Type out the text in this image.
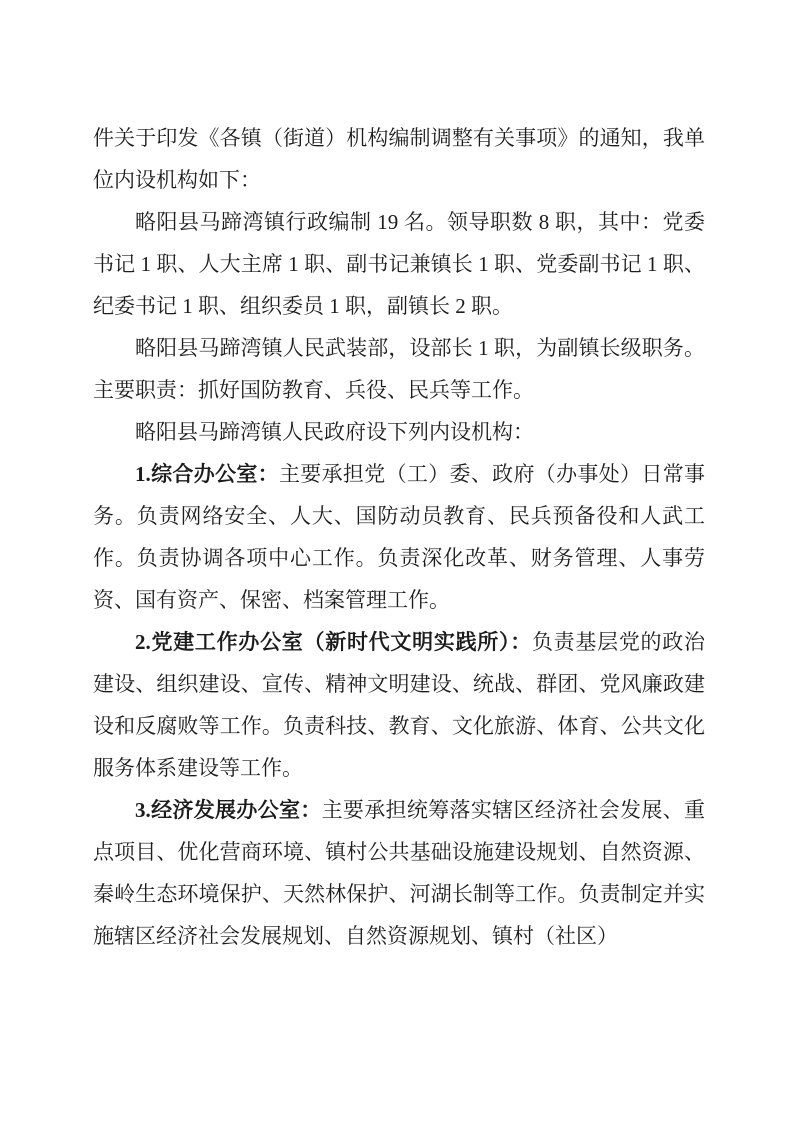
件关于印发《各镇（街道）机构编制调整有关事项》的通知，我单位内设机构如下：

略阳县马蹄湾镇行政编制 19 名。领导职数 8 职，其中：党委书记 1 职、人大主席 1 职、副书记兼镇长 1 职、党委副书记 1 职、纪委书记 1 职、组织委员 1 职，副镇长 2 职。

略阳县马蹄湾镇人民武装部，设部长 1 职，为副镇长级职务。主要职责：抓好国防教育、兵役、民兵等工作。

略阳县马蹄湾镇人民政府设下列内设机构：

1.综合办公室：主要承担党（工）委、政府（办事处）日常事务。负责网络安全、人大、国防动员教育、民兵预备役和人武工作。负责协调各项中心工作。负责深化改革、财务管理、人事劳资、国有资产、保密、档案管理工作。

2.党建工作办公室（新时代文明实践所）：负责基层党的政治建设、组织建设、宣传、精神文明建设、统战、群团、党风廉政建设和反腐败等工作。负责科技、教育、文化旅游、体育、公共文化服务体系建设等工作。

3.经济发展办公室：主要承担统筹落实辖区经济社会发展、重点项目、优化营商环境、镇村公共基础设施建设规划、自然资源、秦岭生态环境保护、天然林保护、河湖长制等工作。负责制定并实施辖区经济社会发展规划、自然资源规划、镇村（社区）
